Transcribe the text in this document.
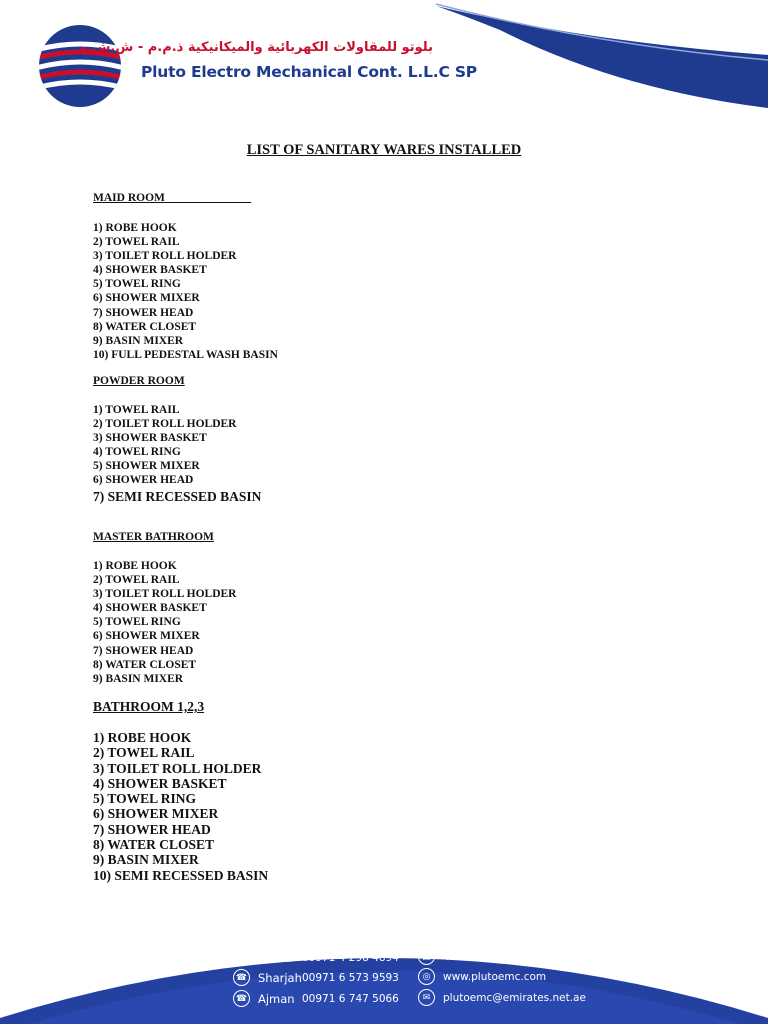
بلوتو للمقاولات الكهربائية والميكانيكية ذ.م.م - ش.ش.و
Pluto Electro Mechanical Cont. L.L.C SP
LIST OF SANITARY WARES INSTALLED
MAID ROOM
1) ROBE HOOK
2) TOWEL RAIL
3) TOILET ROLL HOLDER
4) SHOWER BASKET
5) TOWEL RING
6) SHOWER MIXER
7) SHOWER HEAD
8) WATER CLOSET
9) BASIN MIXER
10) FULL PEDESTAL WASH BASIN
POWDER ROOM
1) TOWEL RAIL
2) TOILET ROLL HOLDER
3) SHOWER BASKET
4) TOWEL RING
5) SHOWER MIXER
6) SHOWER HEAD
7) SEMI RECESSED BASIN
MASTER BATHROOM
1) ROBE HOOK
2) TOWEL RAIL
3) TOILET ROLL HOLDER
4) SHOWER BASKET
5) TOWEL RING
6) SHOWER MIXER
7) SHOWER HEAD
8) WATER CLOSET
9) BASIN MIXER
BATHROOM 1,2,3
1) ROBE HOOK
2) TOWEL RAIL
3) TOILET ROLL HOLDER
4) SHOWER BASKET
5) TOWEL RING
6) SHOWER MIXER
7) SHOWER HEAD
8) WATER CLOSET
9) BASIN MIXER
10) SEMI RECESSED BASIN
☎ Dubai 00971 4 298 4894
☎ Sharjah 00971 6 573 9593
☎ Ajman 00971 6 747 5066
▤	41413 Sharjah
◎	www.plutoemc.com
✉	plutoemc@emirates.net.ae
